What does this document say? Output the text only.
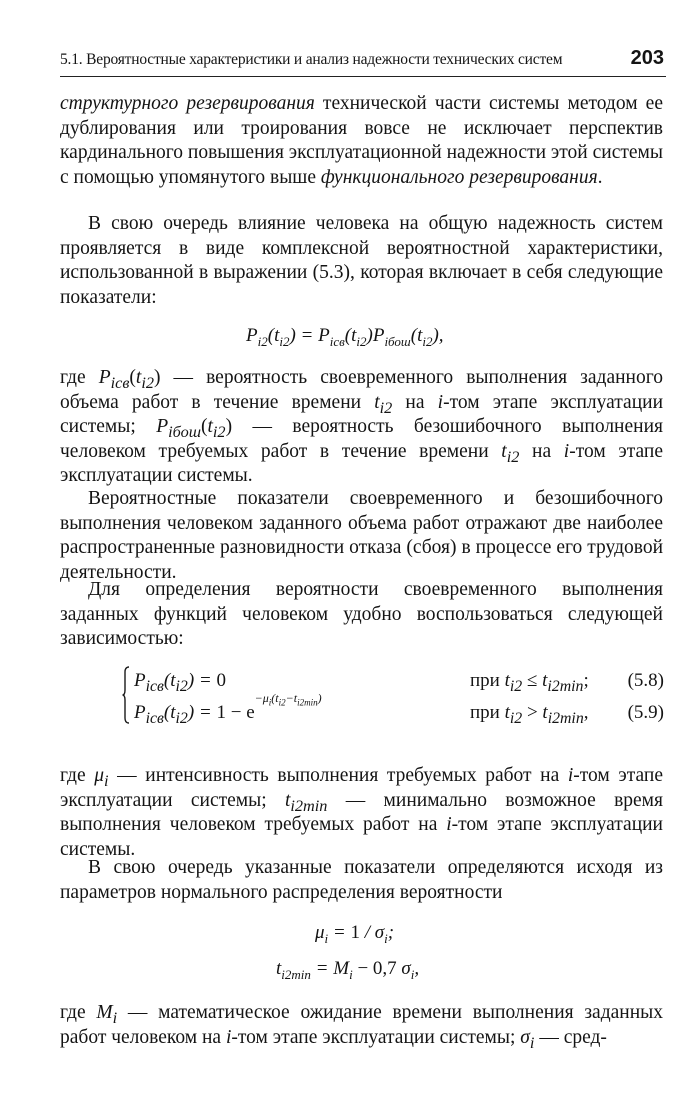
5.1. Вероятностные характеристики и анализ надежности технических систем	203

структурного резервирования технической части системы методом ее дублирования или троирования вовсе не исключает перспектив кардинального повышения эксплуатационной надежности этой системы с помощью упомянутого выше функционального резервирования.

В свою очередь влияние человека на общую надежность систем проявляется в виде комплексной вероятностной характеристики, использованной в выражении (5.3), которая включает в себя следующие показатели:

$P_{i2}(t_{i2}) = P_{iсв}(t_{i2})P_{iбош}(t_{i2})$,

где $P_{iсв}(t_{i2})$ — вероятность своевременного выполнения заданного объема работ в течение времени $t_{i2}$ на i-том этапе эксплуатации системы; $P_{iбош}(t_{i2})$ — вероятность безошибочного выполнения человеком требуемых работ в течение времени $t_{i2}$ на i-том этапе эксплуатации системы.

Вероятностные показатели своевременного и безошибочного выполнения человеком заданного объема работ отражают две наиболее распространенные разновидности отказа (сбоя) в процессе его трудовой деятельности.

Для определения вероятности своевременного выполнения заданных функций человеком удобно воспользоваться следующей зависимостью:

$P_{iсв}(t_{i2}) = 0$	при $t_{i2} \le t_{i2min}$; (5.8)
$P_{iсв}(t_{i2}) = 1 - e^{-\mu_i(t_{i2}-t_{i2min})}$
при $t_{i2} > t_{i2min}$, (5.9)

где $\mu_i$ — интенсивность выполнения требуемых работ на i-том этапе эксплуатации системы; $t_{i2min}$ — минимально возможное время выполнения человеком требуемых работ на i-том этапе эксплуатации системы.

В свою очередь указанные показатели определяются исходя из параметров нормального распределения вероятности

$\mu_i = 1 / \sigma_i$;
$t_{i2min} = M_i - 0,7$ $\sigma_i$,

где $M_i$ — математическое ожидание времени выполнения заданных работ человеком на i-том этапе эксплуатации системы; $\sigma_i$ — сред-
